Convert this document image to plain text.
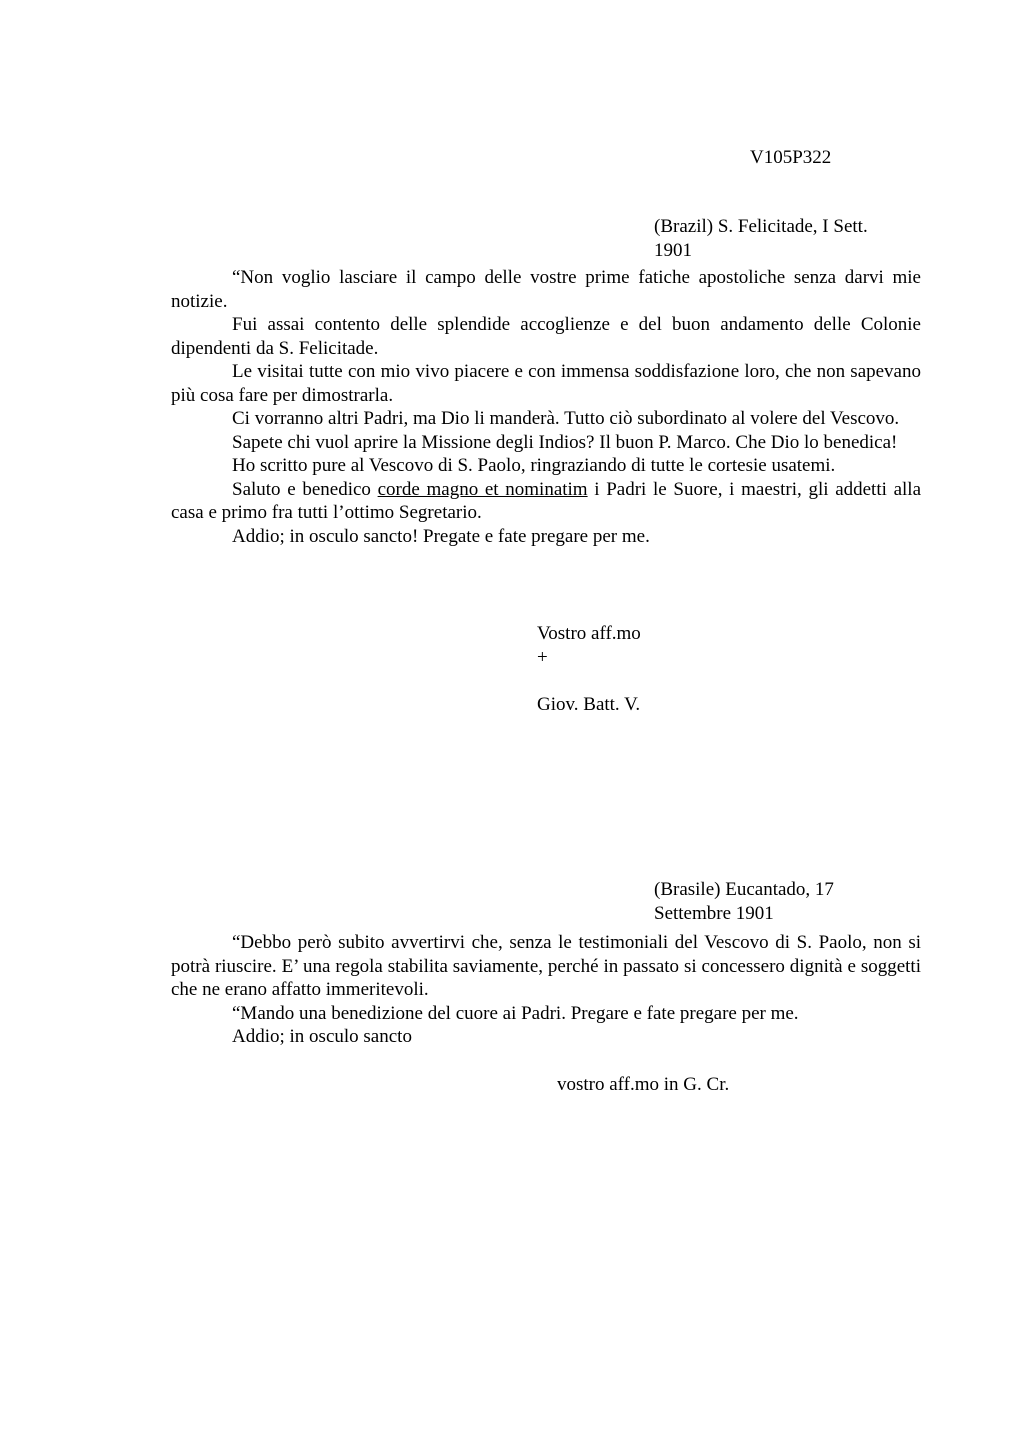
V105P322

(Brazil) S. Felicitade, I Sett. 1901

“Non voglio lasciare il campo delle vostre prime fatiche apostoliche senza darvi mie notizie.

Fui assai contento delle splendide accoglienze e del buon andamento delle Colonie dipendenti da S. Felicitade.

Le visitai tutte con mio vivo piacere e con immensa soddisfazione loro, che non sapevano più cosa fare per dimostrarla.

Ci vorranno altri Padri, ma Dio li manderà. Tutto ciò subordinato al volere del Vescovo.

Sapete chi vuol aprire la Missione degli Indios? Il buon P. Marco. Che Dio lo benedica!

Ho scritto pure al Vescovo di S. Paolo, ringraziando di tutte le cortesie usatemi.

Saluto e benedico corde magno et nominatim i Padri le Suore, i maestri, gli addetti alla casa e primo fra tutti l’ottimo Segretario.

Addio; in osculo sancto! Pregate e fate pregare per me.

Vostro aff.mo

+

Giov. Batt. V.

(Brasile) Eucantado, 17 Settembre 1901

“Debbo però subito avvertirvi che, senza le testimoniali del Vescovo di S. Paolo, non si potrà riuscire. E’ una regola stabilita saviamente, perché in passato si concessero dignità e soggetti che ne erano affatto immeritevoli.

“Mando una benedizione del cuore ai Padri. Pregare e fate pregare per me.

Addio; in osculo sancto

vostro aff.mo in G. Cr.
